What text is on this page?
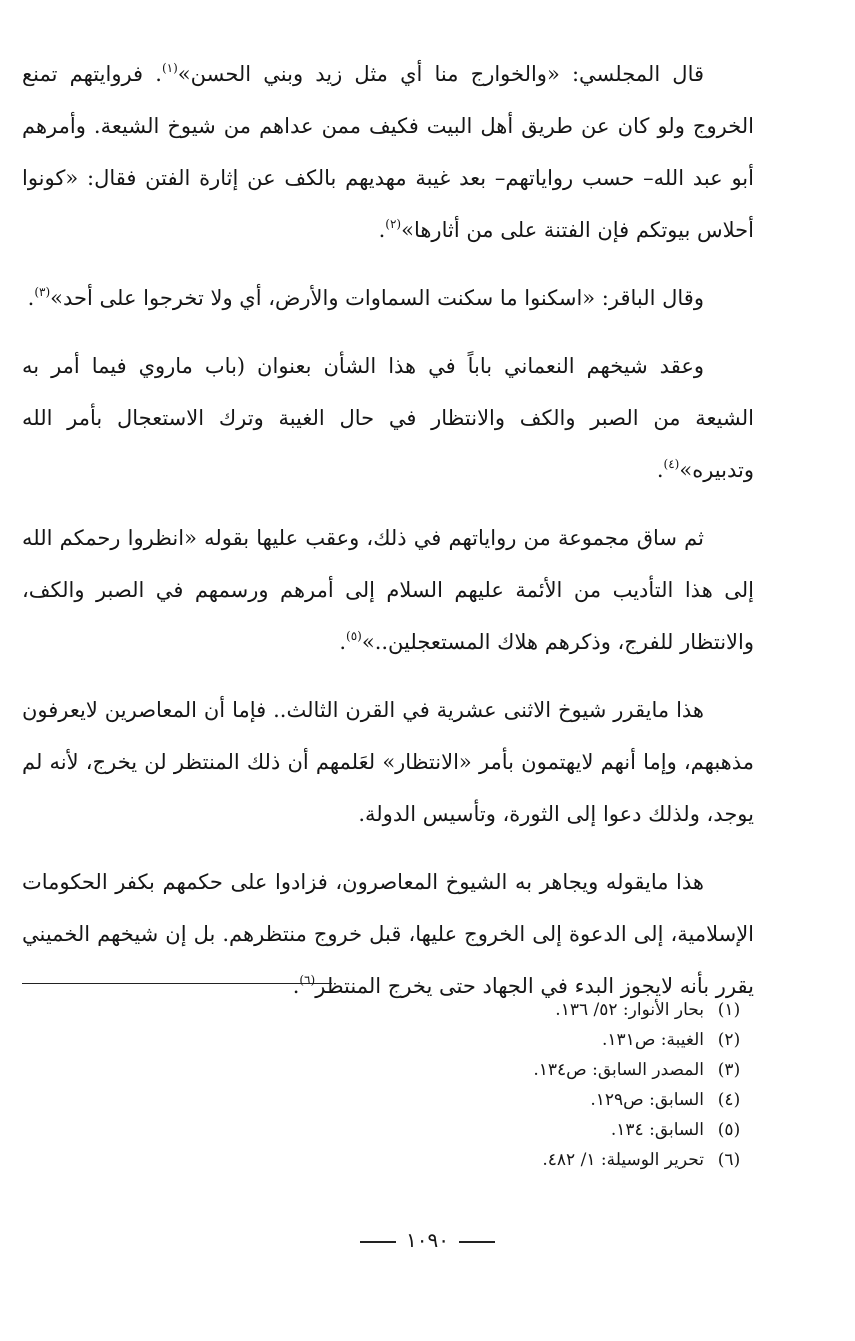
قال المجلسي: «والخوارج منا أي مثل زيد وبني الحسن»$^{(١)}$. فروايتهم تمنع الخروج ولو كان عن طريق أهل البيت فكيف ممن عداهم من شيوخ الشيعة. وأمرهم أبو عبد الله– حسب رواياتهم– بعد غيبة مهديهم بالكف عن إثارة الفتن فقال: «كونوا أحلاس بيوتكم فإن الفتنة على من أثارها»$^{(٢)}$.

وقال الباقر: «اسكنوا ما سكنت السماوات والأرض، أي ولا تخرجوا على أحد»$^{(٣)}$.

وعقد شيخهم النعماني باباً في هذا الشأن بعنوان (باب ماروي فيما أمر به الشيعة من الصبر والكف والانتظار في حال الغيبة وترك الاستعجال بأمر الله وتدبيره»$^{(٤)}$.

ثم ساق مجموعة من رواياتهم في ذلك، وعقب عليها بقوله «انظروا رحمكم الله إلى هذا التأديب من الأئمة عليهم السلام إلى أمرهم ورسمهم في الصبر والكف، والانتظار للفرج، وذكرهم هلاك المستعجلين..»$^{(٥)}$.

هذا مايقرر شيوخ الاثنى عشرية في القرن الثالث.. فإما أن المعاصرين لايعرفون مذهبهم، وإما أنهم لايهتمون بأمر «الانتظار» لعَلمهم أن ذلك المنتظر لن يخرج، لأنه لم يوجد، ولذلك دعوا إلى الثورة، وتأسيس الدولة.

هذا مايقوله ويجاهر به الشيوخ المعاصرون، فزادوا على حكمهم بكفر الحكومات الإسلامية، إلى الدعوة إلى الخروج عليها، قبل خروج منتظرهم. بل إن شيخهم الخميني يقرر بأنه لايجوز البدء في الجهاد حتى يخرج المنتظر$^{(٦)}$.

(١)بحار الأنوار: ٥٢/ ١٣٦.
(٢)الغيبة: ص١٣١.
(٣)المصدر السابق: ص١٣٤.
(٤)السابق: ص١٢٩.
(٥)السابق: ١٣٤.
(٦)تحرير الوسيلة: ١/ ٤٨٢.
١٠٩٠
